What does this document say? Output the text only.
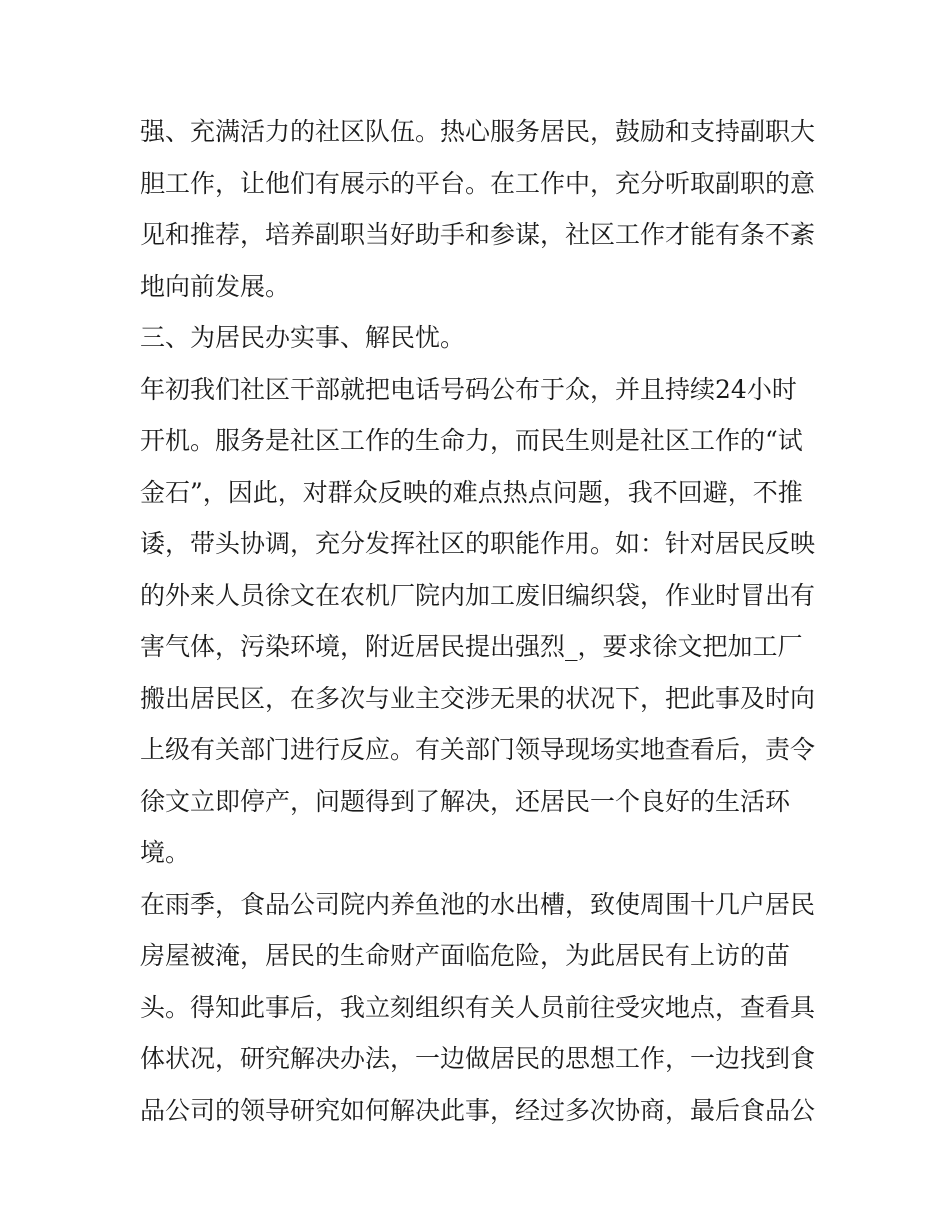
强、充满活力的社区队伍。热心服务居民，鼓励和支持副职大
胆工作，让他们有展示的平台。在工作中，充分听取副职的意
见和推荐，培养副职当好助手和参谋，社区工作才能有条不紊
地向前发展。
三、为居民办实事、解民忧。
年初我们社区干部就把电话号码公布于众，并且持续24小时
开机。服务是社区工作的生命力，而民生则是社区工作的“试
金石”，因此，对群众反映的难点热点问题，我不回避，不推
诿，带头协调，充分发挥社区的职能作用。如：针对居民反映
的外来人员徐文在农机厂院内加工废旧编织袋，作业时冒出有
害气体，污染环境，附近居民提出强烈_，要求徐文把加工厂
搬出居民区，在多次与业主交涉无果的状况下，把此事及时向
上级有关部门进行反应。有关部门领导现场实地查看后，责令
徐文立即停产，问题得到了解决，还居民一个良好的生活环
境。
在雨季，食品公司院内养鱼池的水出槽，致使周围十几户居民
房屋被淹，居民的生命财产面临危险，为此居民有上访的苗
头。得知此事后，我立刻组织有关人员前往受灾地点，查看具
体状况，研究解决办法，一边做居民的思想工作，一边找到食
品公司的领导研究如何解决此事，经过多次协商，最后食品公
